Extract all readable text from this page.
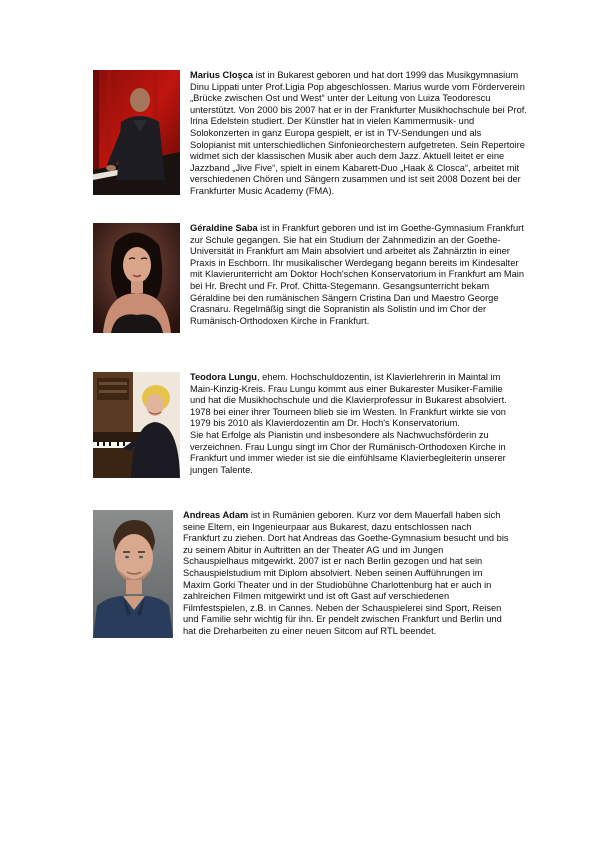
Marius Cloşca ist in Bukarest geboren und hat dort 1999 das Musikgymnasium
Dinu Lippati unter Prof.Ligia Pop abgeschlossen. Marius wurde vom Förderverein
„Brücke zwischen Ost und West“ unter der Leitung von Luiza Teodorescu
unterstützt. Von 2000 bis 2007 hat er in der Frankfurter Musikhochschule bei Prof.
Irina Edelstein studiert. Der Künstler hat in vielen Kammermusik- und
Solokonzerten in ganz Europa gespielt, er ist in TV-Sendungen und als
Solopianist mit unterschiedlichen Sinfonieorchestern aufgetreten. Sein Repertoire
widmet sich der klassischen Musik aber auch dem Jazz. Aktuell leitet er eine
Jazzband „Jive Five“, spielt in einem Kabarett-Duo „Haak & Closca“, arbeitet mit
verschiedenen Chören und Sängern zusammen und ist seit 2008 Dozent bei der
Frankfurter Music Academy (FMA).

Géraldine Saba ist in Frankfurt geboren und ist im Goethe-Gymnasium Frankfurt
zur Schule gegangen. Sie hat ein Studium der Zahnmedizin an der Goethe-
Universität in Frankfurt am Main absolviert und arbeitet als Zahnärztin in einer
Praxis in Eschborn. Ihr musikalischer Werdegang begann bereits im Kindesalter
mit Klavierunterricht am Doktor Hoch'schen Konservatorium in Frankfurt am Main
bei Hr. Brecht und Fr. Prof. Chitta-Stegemann. Gesangsunterricht bekam
Géraldine bei den rumänischen Sängern Cristina Dan und Maestro George
Crasnaru. Regelmäßig singt die Sopranistin als Solistin und im Chor der
Rumänisch-Orthodoxen Kirche in Frankfurt.

Teodora Lungu, ehem. Hochschuldozentin, ist Klavierlehrerin in Maintal im
Main-Kinzig-Kreis. Frau Lungu kommt aus einer Bukarester Musiker-Familie
und hat die Musikhochschule und die Klavierprofessur in Bukarest absolviert.
1978 bei einer ihrer Tourneen blieb sie im Westen. In Frankfurt wirkte sie von
1979 bis 2010 als Klavierdozentin am Dr. Hoch's Konservatorium.
Sie hat Erfolge als Pianistin und insbesondere als Nachwuchsförderin zu
verzeichnen. Frau Lungu singt im Chor der Rumänisch-Orthodoxen Kirche in
Frankfurt und immer wieder ist sie die einfühlsame Klavierbegleiterin unserer
jungen Talente.

Andreas Adam ist in Rumänien geboren. Kurz vor dem Mauerfall haben sich
seine Eltern, ein Ingenieurpaar aus Bukarest, dazu entschlossen nach
Frankfurt zu ziehen. Dort hat Andreas das Goethe-Gymnasium besucht und bis
zu seinem Abitur in Auftritten an der Theater AG und im Jungen
Schauspielhaus mitgewirkt. 2007 ist er nach Berlin gezogen und hat sein
Schauspielstudium mit Diplom absolviert. Neben seinen Aufführungen im
Maxim Gorki Theater und in der Studiobühne Charlottenburg hat er auch in
zahlreichen Filmen mitgewirkt und ist oft Gast auf verschiedenen
Filmfestspielen, z.B. in Cannes. Neben der Schauspielerei sind Sport, Reisen
und Familie sehr wichtig für ihn. Er pendelt zwischen Frankfurt und Berlin und
hat die Dreharbeiten zu einer neuen Sitcom auf RTL beendet.
